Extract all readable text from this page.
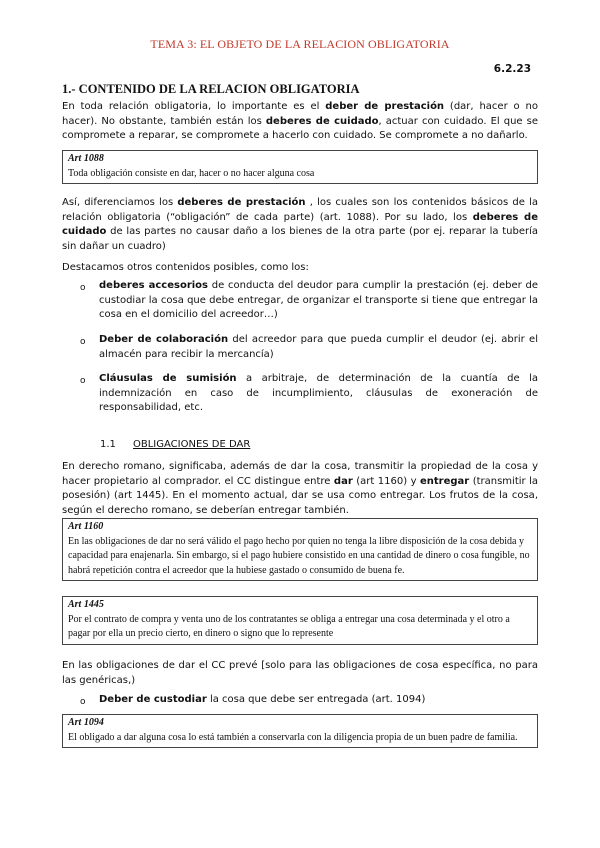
TEMA 3: EL OBJETO DE LA RELACION OBLIGATORIA
6.2.23
1.- CONTENIDO DE LA RELACION OBLIGATORIA
En toda relación obligatoria, lo importante es el deber de prestación (dar, hacer o no hacer). No obstante, también están los deberes de cuidado, actuar con cuidado. El que se compromete a reparar, se compromete a hacerlo con cuidado. Se compromete a no dañarlo.
Art 1088
Toda obligación consiste en dar, hacer o no hacer alguna cosa
Así, diferenciamos los deberes de prestación , los cuales son los contenidos básicos de la relación obligatoria (“obligación” de cada parte) (art. 1088). Por su lado, los deberes de cuidado de las partes no causar daño a los bienes de la otra parte (por ej. reparar la tubería sin dañar un cuadro)
Destacamos otros contenidos posibles, como los:
o deberes accesorios de conducta del deudor para cumplir la prestación (ej. deber de custodiar la cosa que debe entregar, de organizar el transporte si tiene que entregar la cosa en el domicilio del acreedor…)
o Deber de colaboración del acreedor para que pueda cumplir el deudor (ej. abrir el almacén para recibir la mercancía)
o Cláusulas de sumisión a arbitraje, de determinación de la cuantía de la indemnización en caso de incumplimiento, cláusulas de exoneración de responsabilidad, etc.
1.1 OBLIGACIONES DE DAR
En derecho romano, significaba, además de dar la cosa, transmitir la propiedad de la cosa y hacer propietario al comprador. el CC distingue entre dar (art 1160) y entregar (transmitir la posesión) (art 1445). En el momento actual, dar se usa como entregar. Los frutos de la cosa, según el derecho romano, se deberían entregar también.
Art 1160
En las obligaciones de dar no será válido el pago hecho por quien no tenga la libre disposición de la cosa debida y capacidad para enajenarla. Sin embargo, si el pago hubiere consistido en una cantidad de dinero o cosa fungible, no habrá repetición contra el acreedor que la hubiese gastado o consumido de buena fe.
Art 1445
Por el contrato de compra y venta uno de los contratantes se obliga a entregar una cosa determinada y el otro a pagar por ella un precio cierto, en dinero o signo que lo represente
En las obligaciones de dar el CC prevé [solo para las obligaciones de cosa específica, no para las genéricas,)
o Deber de custodiar la cosa que debe ser entregada (art. 1094)
Art 1094
El obligado a dar alguna cosa lo está también a conservarla con la diligencia propia de un buen padre de familia.
